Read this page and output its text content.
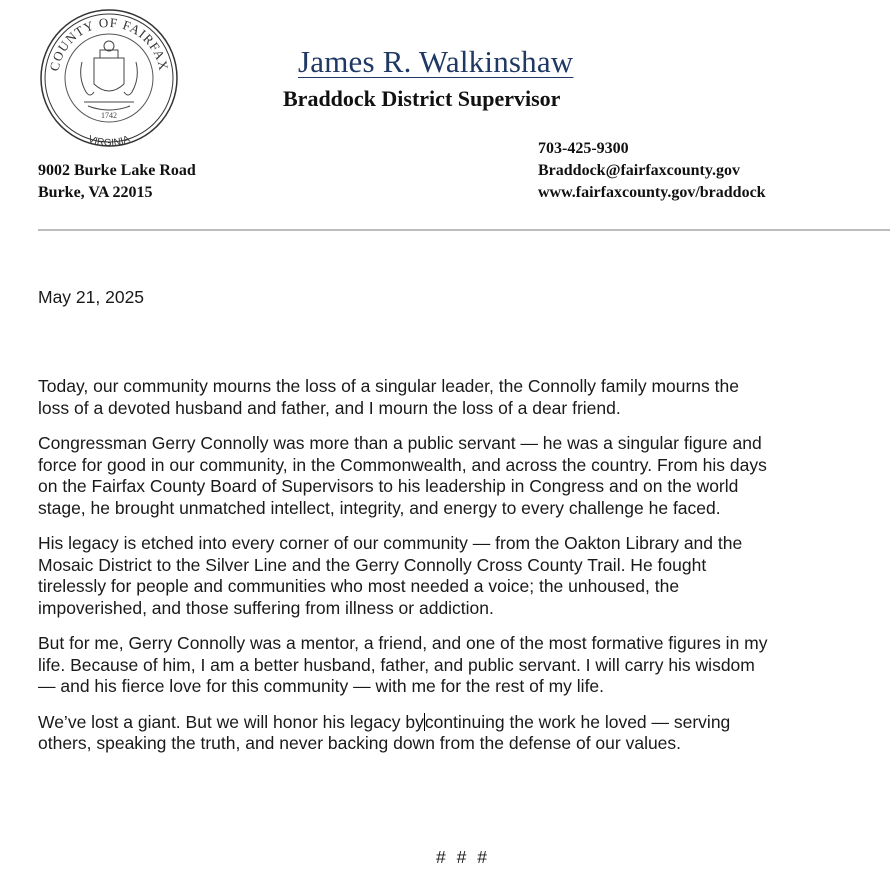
COUNTY OF FAIRFAX
VIRGINIA
1742
James R. Walkinshaw
Braddock District Supervisor
9002 Burke Lake Road
Burke, VA 22015
703-425-9300
Braddock@fairfaxcounty.gov
www.fairfaxcounty.gov/braddock
May 21, 2025

Today, our community mourns the loss of a singular leader, the Connolly family mourns the
loss of a devoted husband and father, and I mourn the loss of a dear friend.

Congressman Gerry Connolly was more than a public servant — he was a singular figure and
force for good in our community, in the Commonwealth, and across the country. From his days
on the Fairfax County Board of Supervisors to his leadership in Congress and on the world
stage, he brought unmatched intellect, integrity, and energy to every challenge he faced.

His legacy is etched into every corner of our community — from the Oakton Library and the
Mosaic District to the Silver Line and the Gerry Connolly Cross County Trail. He fought
tirelessly for people and communities who most needed a voice; the unhoused, the
impoverished, and those suffering from illness or addiction.

But for me, Gerry Connolly was a mentor, a friend, and one of the most formative figures in my
life. Because of him, I am a better husband, father, and public servant. I will carry his wisdom
— and his fierce love for this community — with me for the rest of my life.

We’ve lost a giant. But we will honor his legacy bycontinuing the work he loved — serving
others, speaking the truth, and never backing down from the defense of our values.

# # #
